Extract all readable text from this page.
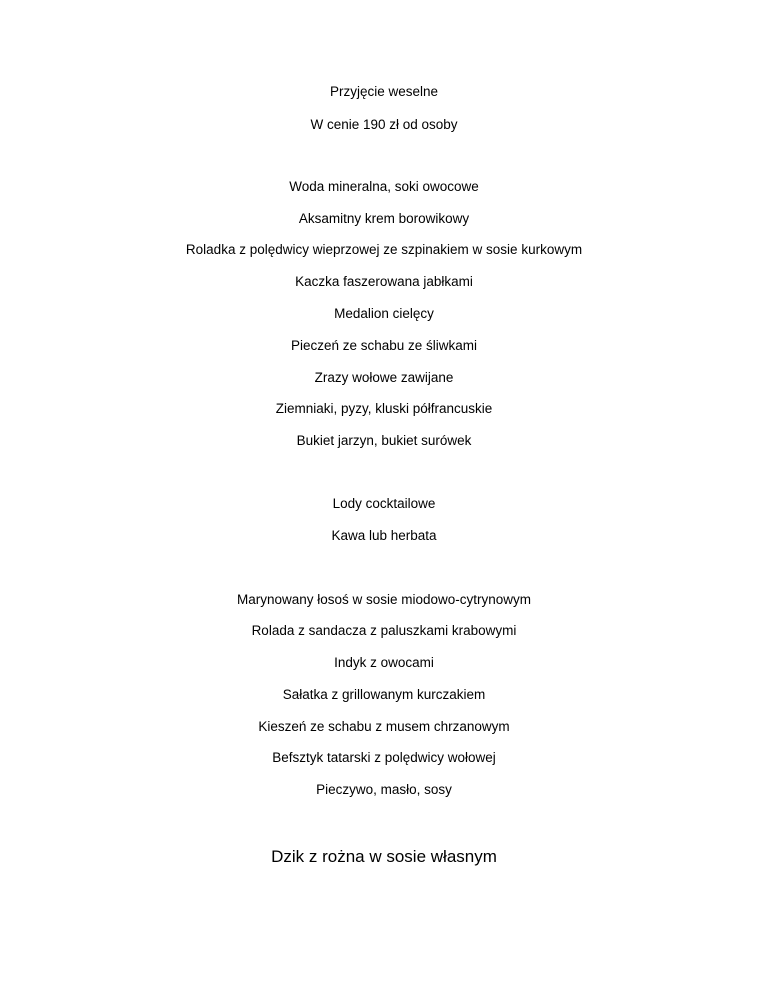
Przyjęcie weselne
W cenie 190 zł od osoby
Woda mineralna, soki owocowe
Aksamitny krem borowikowy
Roladka z polędwicy wieprzowej ze szpinakiem w sosie kurkowym
Kaczka faszerowana jabłkami
Medalion cielęcy
Pieczeń ze schabu ze śliwkami
Zrazy wołowe zawijane
Ziemniaki, pyzy, kluski półfrancuskie
Bukiet jarzyn, bukiet surówek
Lody cocktailowe
Kawa lub herbata
Marynowany łosoś w sosie miodowo-cytrynowym
Rolada z sandacza z paluszkami krabowymi
Indyk z owocami
Sałatka z grillowanym kurczakiem
Kieszeń ze schabu z musem chrzanowym
Befsztyk tatarski z polędwicy wołowej
Pieczywo, masło, sosy
Dzik z rożna w sosie własnym
